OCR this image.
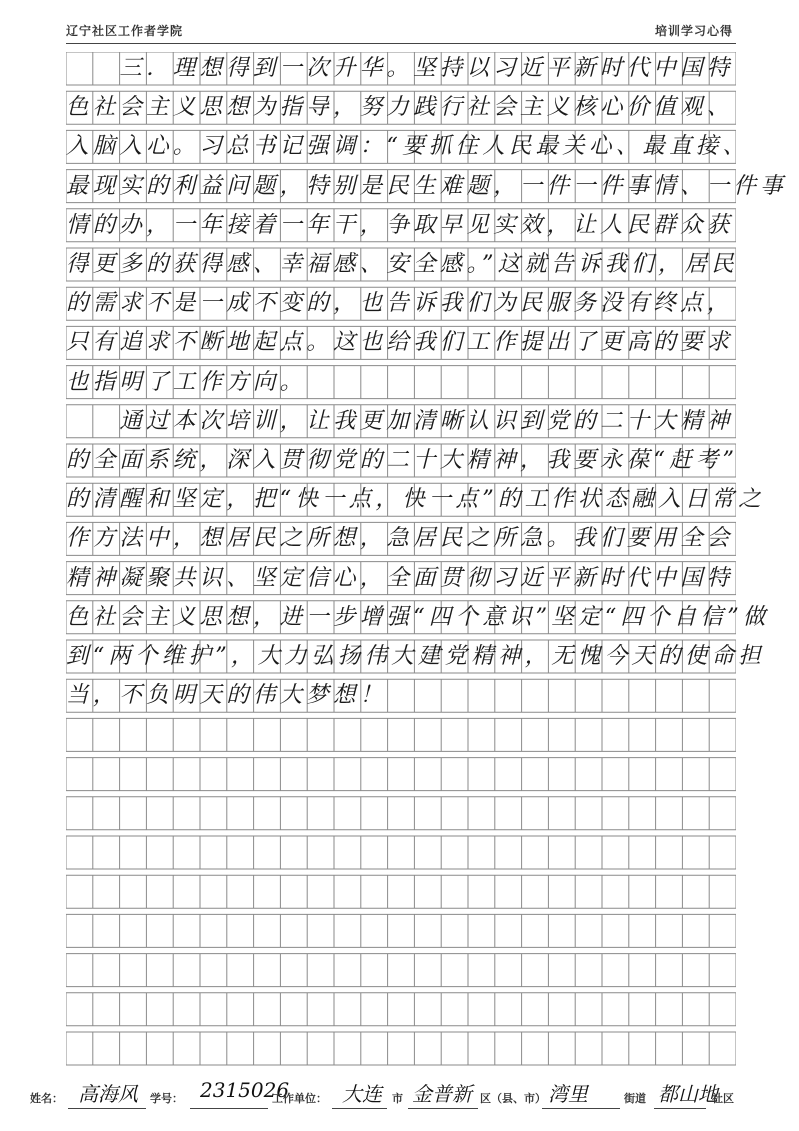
辽宁社区工作者学院	培训学习心得
　　三．理想得到一次升华。坚持以习近平新时代中国特
色社会主义思想为指导，努力践行社会主义核心价值观、
入脑入心。习总书记强调：“要抓住人民最关心、最直接、
最现实的利益问题，特别是民生难题，一件一件事情、一件事
情的办，一年接着一年干，争取早见实效，让人民群众获
得更多的获得感、幸福感、安全感。”这就告诉我们，居民
的需求不是一成不变的，也告诉我们为民服务没有终点，
只有追求不断地起点。这也给我们工作提出了更高的要求
也指明了工作方向。
　　通过本次培训，让我更加清晰认识到党的二十大精神
的全面系统，深入贯彻党的二十大精神，我要永葆“赶考”
的清醒和坚定，把“快一点，快一点”的工作状态融入日常之
作方法中，想居民之所想，急居民之所急。我们要用全会
精神凝聚共识、坚定信心，全面贯彻习近平新时代中国特
色社会主义思想，进一步增强“四个意识”坚定“四个自信”做
到“两个维护”，大力弘扬伟大建党精神，无愧今天的使命担
当，不负明天的伟大梦想！
姓名： 高海风 学号： 2315026
工作单位： 大连 市 金普新 区（县、市） 湾里	街道 都山地
社区
